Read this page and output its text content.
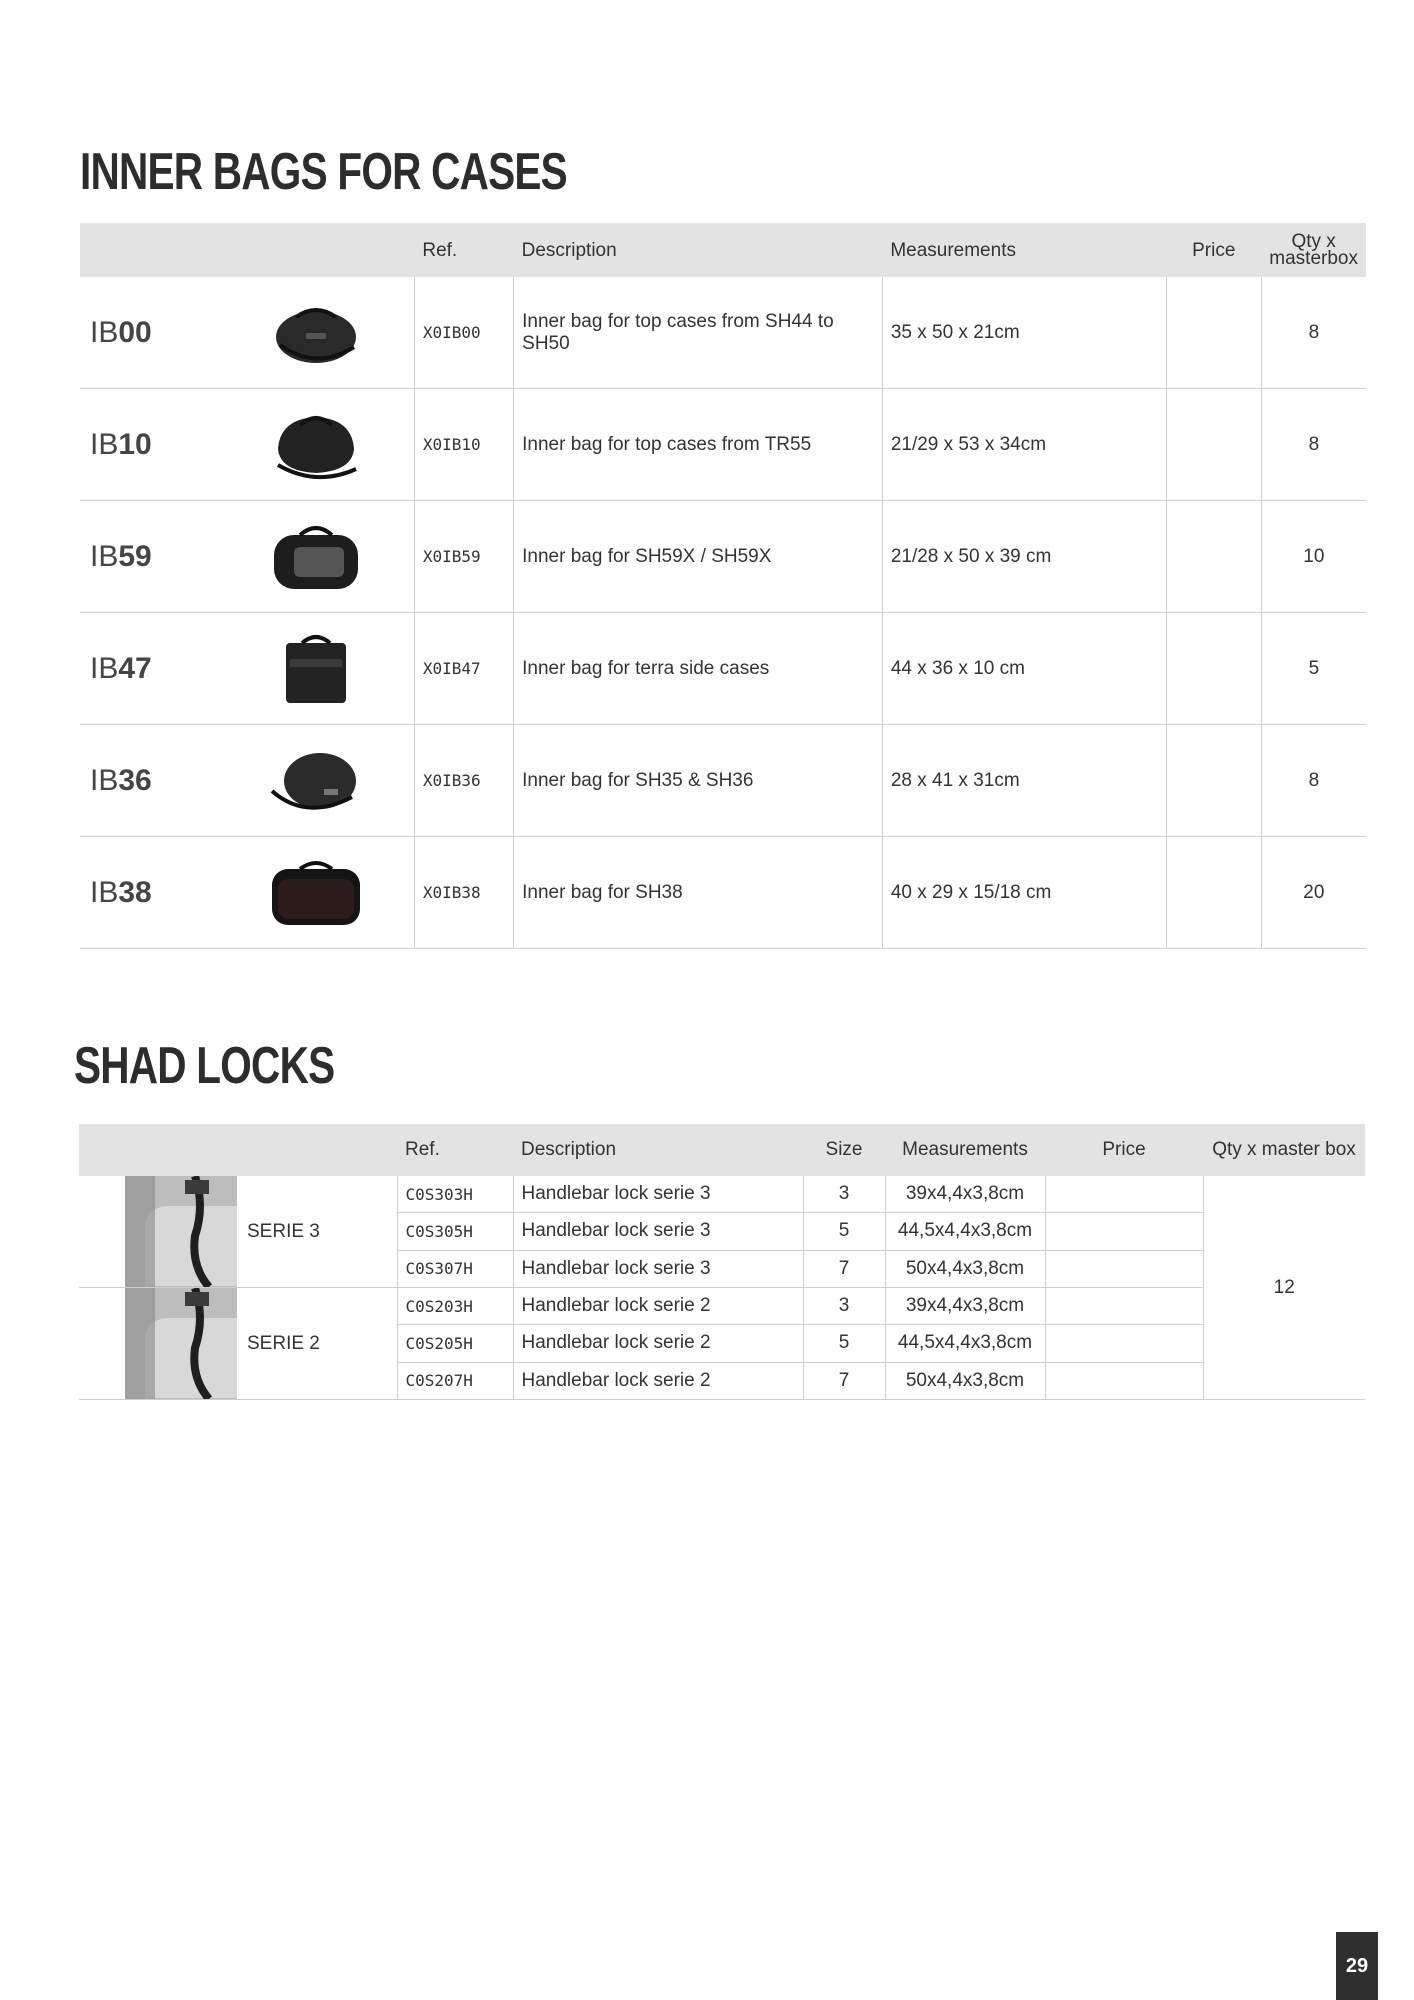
INNER BAGS FOR CASES
		Ref.	Description	Measurements	Price	Qty x
masterbox

IB00		X0IB00	Inner bag for top cases from SH44 to SH50	35 x 50 x 21cm		8
IB10		X0IB10	Inner bag for top cases from TR55	21/29 x 53 x 34cm		8
IB59		X0IB59	Inner bag for SH59X / SH59X	21/28 x 50 x 39 cm		10
IB47		X0IB47	Inner bag for terra side cases	44 x 36 x 10 cm		5
IB36		X0IB36	Inner bag for SH35 & SH36	28 x 41 x 31cm		8
IB38		X0IB38	Inner bag for SH38	40 x 29 x 15/18 cm		20
SHAD LOCKS
		Ref.	Description	Size	Measurements	Price	Qty x master box

	SERIE 3	C0S303H	Handlebar lock serie 3	3	39x4,4x3,8cm		12
		C0S305H	Handlebar lock serie 3	5	44,5x4,4x3,8cm		
		C0S307H	Handlebar lock serie 3	7	50x4,4x3,8cm		

	SERIE 2	C0S203H	Handlebar lock serie 2	3	39x4,4x3,8cm		
		C0S205H	Handlebar lock serie 2	5	44,5x4,4x3,8cm		
		C0S207H	Handlebar lock serie 2	7	50x4,4x3,8cm		
29
